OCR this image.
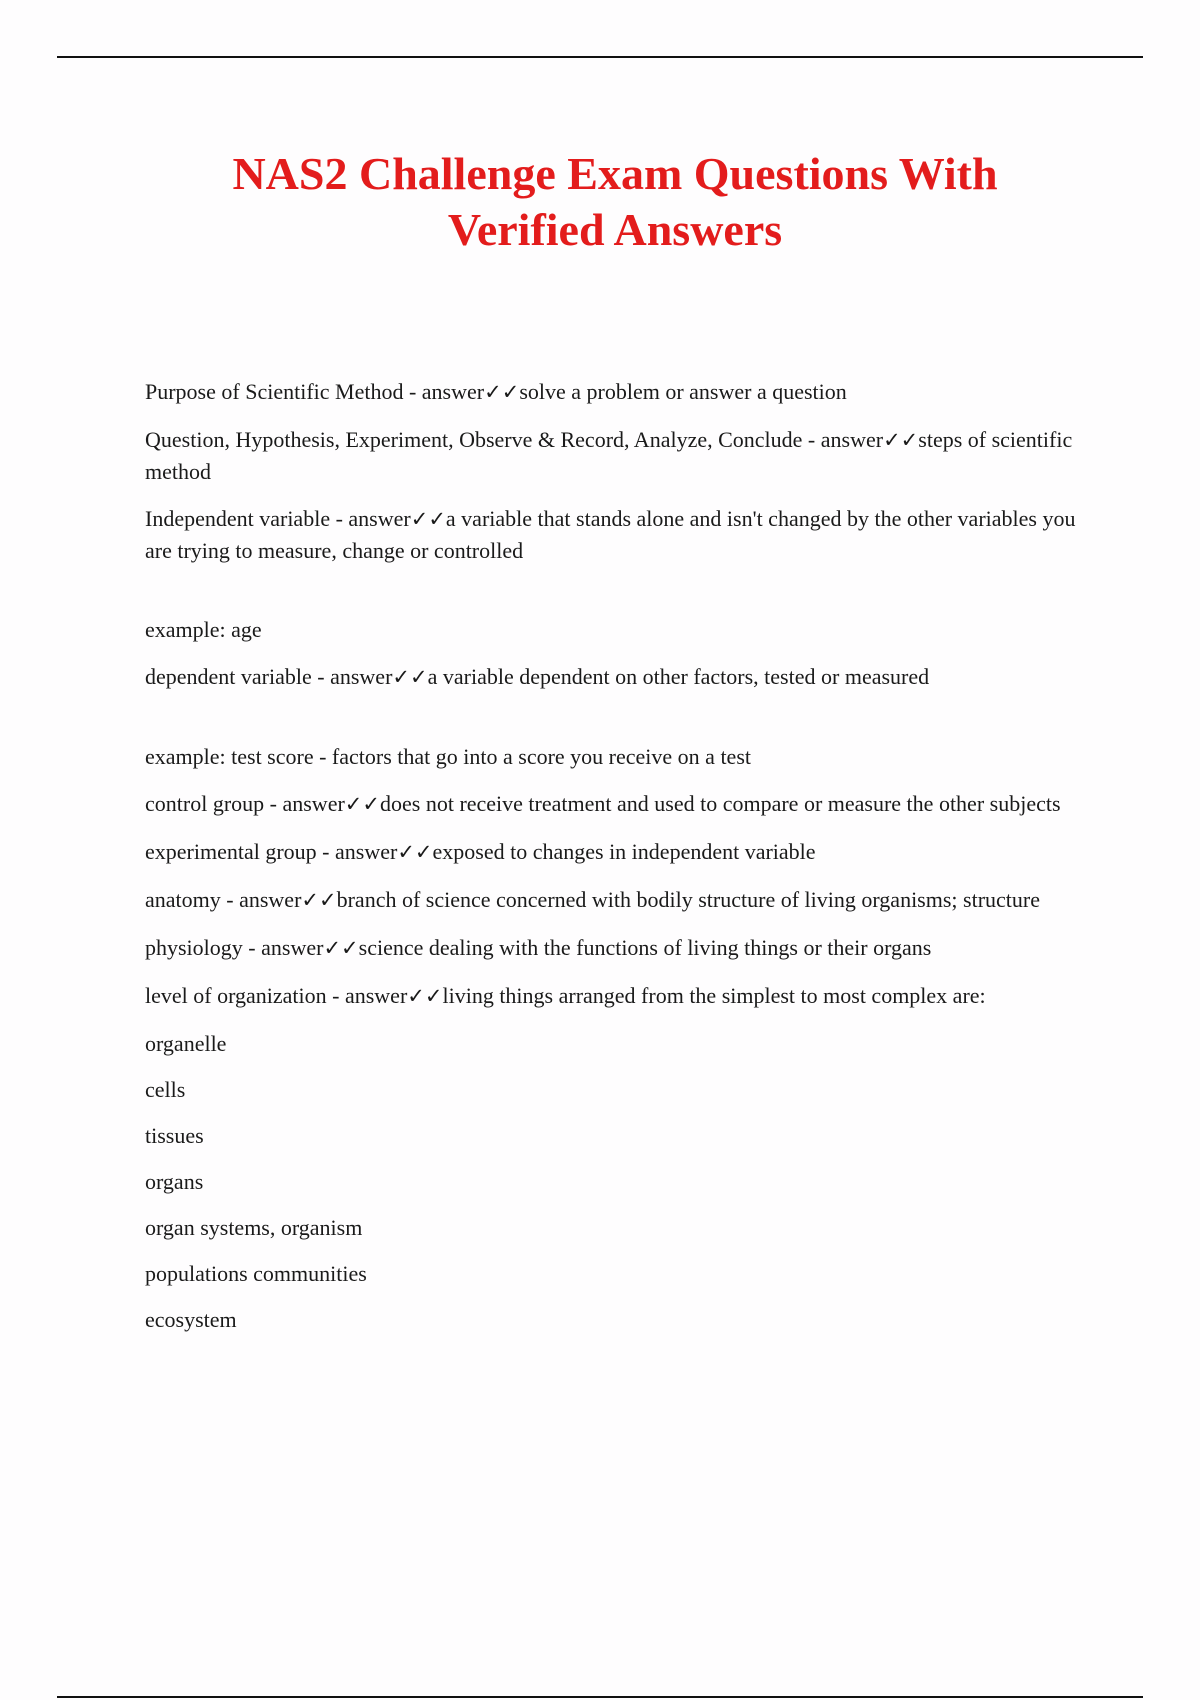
NAS2 Challenge Exam Questions With Verified Answers

Purpose of Scientific Method - answer✓✓solve a problem or answer a question

Question, Hypothesis, Experiment, Observe & Record, Analyze, Conclude - answer✓✓steps of scientific method

Independent variable - answer✓✓a variable that stands alone and isn't changed by the other variables you are trying to measure, change or controlled

example: age

dependent variable - answer✓✓a variable dependent on other factors, tested or measured

example: test score - factors that go into a score you receive on a test

control group - answer✓✓does not receive treatment and used to compare or measure the other subjects

experimental group - answer✓✓exposed to changes in independent variable

anatomy - answer✓✓branch of science concerned with bodily structure of living organisms; structure

physiology - answer✓✓science dealing with the functions of living things or their organs

level of organization - answer✓✓living things arranged from the simplest to most complex are:

organelle

cells

tissues

organs

organ systems, organism

populations communities

ecosystem
